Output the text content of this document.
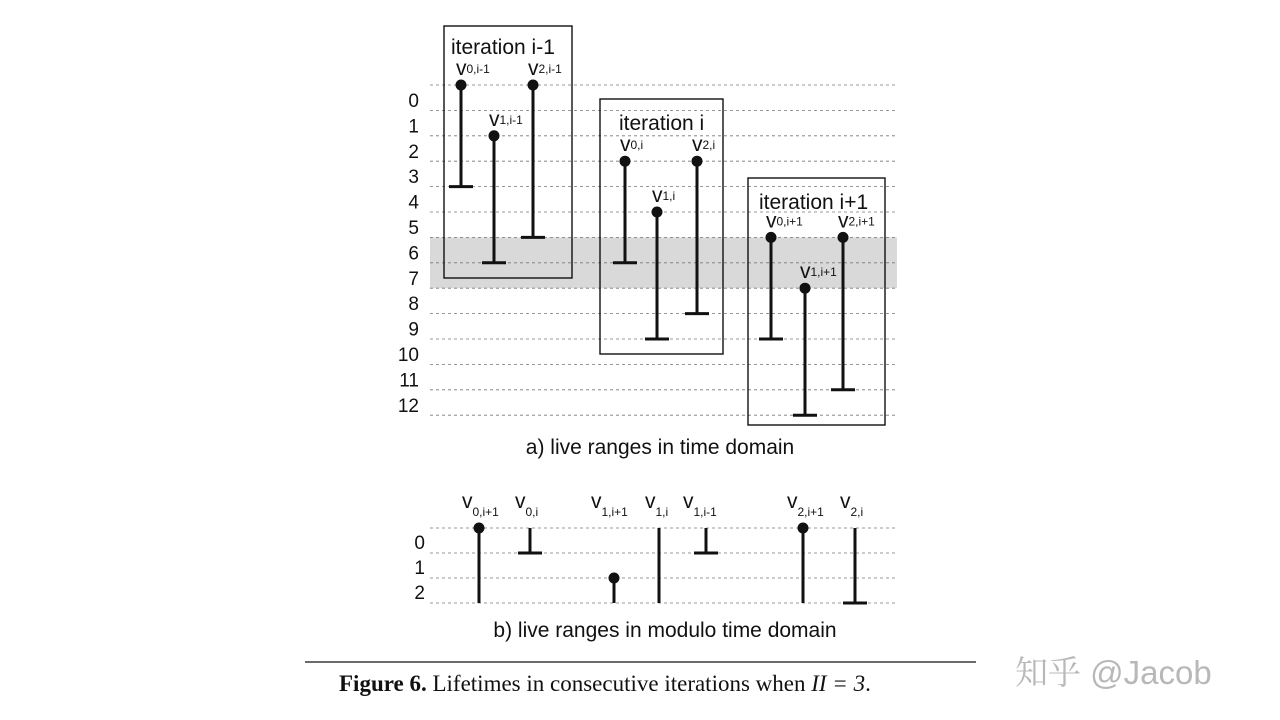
0
1
2
3
4
5
6
7
8
9
10
11
12
iteration i-1
v0,i-1
v1,i-1
v2,i-1
iteration i
v0,i
v1,i
v2,i
iteration i+1
v0,i+1
v1,i+1
v2,i+1
a) live ranges in time domain
0
1
2
$v_{0,i+1}$ $v_{0,i}$	$v_{1,i+1}$ $v_{1,i}$ $v_{1,i-1}$	$v_{2,i+1}$ $v_{2,i}$
b) live ranges in modulo time domain
Figure 6. Lifetimes in consecutive iterations when II = 3.	知乎 @Jacob
